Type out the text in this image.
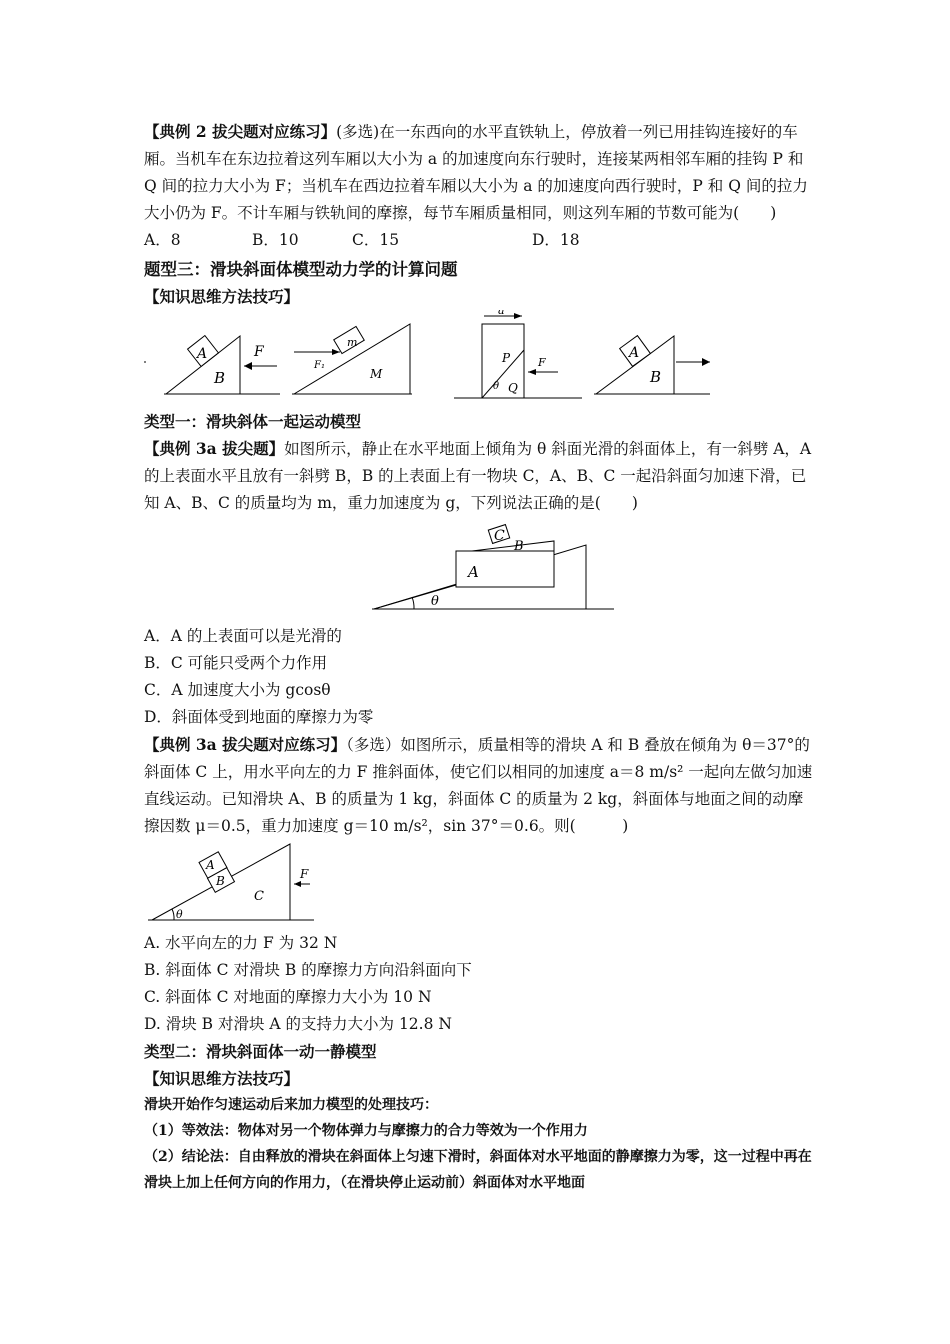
【典例 2 拔尖题对应练习】(多选)在一东西向的水平直铁轨上，停放着一列已用挂钩连接好的车厢。当机车在东边拉着这列车厢以大小为 a 的加速度向东行驶时，连接某两相邻车厢的挂钩 P 和 Q 间的拉力大小为 F；当机车在西边拉着车厢以大小为 a 的加速度向西行驶时，P 和 Q 间的拉力大小仍为 F。不计车厢与铁轨间的摩擦，每节车厢质量相同，则这列车厢的节数可能为(　　)

A．8	B．10	C．15	D．18

题型三：滑块斜面体模型动力学的计算问题

【知识思维方法技巧】

A
B
F
m
M
F₁
a
P
Q
θ
F
A
B

类型一：滑块斜体一起运动模型

【典例 3a 拔尖题】如图所示，静止在水平地面上倾角为 θ 斜面光滑的斜面体上，有一斜劈 A，A 的上表面水平且放有一斜劈 B，B 的上表面上有一物块 C，A、B、C 一起沿斜面匀加速下滑，已知 A、B、C 的质量均为 m，重力加速度为 g，下列说法正确的是(　　)

C
B
A
θ

A．A 的上表面可以是光滑的

B．C 可能只受两个力作用

C．A 加速度大小为 gcosθ

D．斜面体受到地面的摩擦力为零

【典例 3a 拔尖题对应练习】（多选）如图所示，质量相等的滑块 A 和 B 叠放在倾角为 θ＝37°的斜面体 C 上，用水平向左的力 F 推斜面体，使它们以相同的加速度 a＝8 m/s² 一起向左做匀加速直线运动。已知滑块 A、B 的质量为 1 kg，斜面体 C 的质量为 2 kg，斜面体与地面之间的动摩擦因数 μ＝0.5，重力加速度 g＝10 m/s²，sin 37°＝0.6。则(　　　)

A
B
C
F
θ

A. 水平向左的力 F 为 32 N

B. 斜面体 C 对滑块 B 的摩擦力方向沿斜面向下

C. 斜面体 C 对地面的摩擦力大小为 10 N

D. 滑块 B 对滑块 A 的支持力大小为 12.8 N

类型二：滑块斜面体一动一静模型

【知识思维方法技巧】

滑块开始作匀速运动后来加力模型的处理技巧：

（1）等效法：物体对另一个物体弹力与摩擦力的合力等效为一个作用力

（2）结论法：自由释放的滑块在斜面体上匀速下滑时，斜面体对水平地面的静摩擦力为零，这一过程中再在滑块上加上任何方向的作用力，（在滑块停止运动前）斜面体对水平地面
